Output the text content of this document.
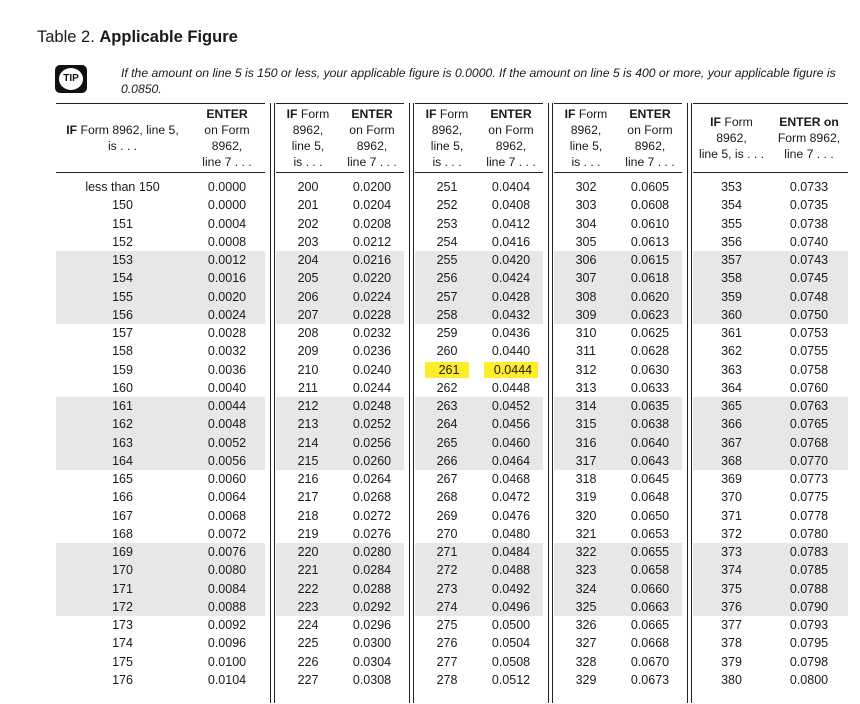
Table 2. Applicable Figure
TIP	If the amount on line 5 is 150 or less, your applicable figure is 0.0000. If the amount on line 5 is 400 or more, your applicable figure is 0.0850.
IF Form 8962, line 5,
is . . .
ENTER
on Form
8962,
line 7 . . .
less than 150	0.0000
150	0.0000
151	0.0004
152	0.0008
153	0.0012
154	0.0016
155	0.0020
156	0.0024
157	0.0028
158	0.0032
159	0.0036
160	0.0040
161	0.0044
162	0.0048
163	0.0052
164	0.0056
165	0.0060
166	0.0064
167	0.0068
168	0.0072
169	0.0076
170	0.0080
171	0.0084
172	0.0088
173	0.0092
174	0.0096
175	0.0100
176	0.0104
IF Form
8962,
line 5,
is . . .
ENTER
on Form
8962,
line 7 . . .
200	0.0200
201	0.0204
202	0.0208
203	0.0212
204	0.0216
205	0.0220
206	0.0224
207	0.0228
208	0.0232
209	0.0236
210	0.0240
211	0.0244
212	0.0248
213	0.0252
214	0.0256
215	0.0260
216	0.0264
217	0.0268
218	0.0272
219	0.0276
220	0.0280
221	0.0284
222	0.0288
223	0.0292
224	0.0296
225	0.0300
226	0.0304
227	0.0308
IF Form
8962,
line 5,
is . . .
ENTER
on Form
8962,
line 7 . . .
251	0.0404
252	0.0408
253	0.0412
254	0.0416
255	0.0420
256	0.0424
257	0.0428
258	0.0432
259	0.0436
260	0.0440
261	0.0444
262	0.0448
263	0.0452
264	0.0456
265	0.0460
266	0.0464
267	0.0468
268	0.0472
269	0.0476
270	0.0480
271	0.0484
272	0.0488
273	0.0492
274	0.0496
275	0.0500
276	0.0504
277	0.0508
278	0.0512
IF Form
8962,
line 5,
is . . .
ENTER
on Form
8962,
line 7 . . .
302	0.0605
303	0.0608
304	0.0610
305	0.0613
306	0.0615
307	0.0618
308	0.0620
309	0.0623
310	0.0625
311	0.0628
312	0.0630
313	0.0633
314	0.0635
315	0.0638
316	0.0640
317	0.0643
318	0.0645
319	0.0648
320	0.0650
321	0.0653
322	0.0655
323	0.0658
324	0.0660
325	0.0663
326	0.0665
327	0.0668
328	0.0670
329	0.0673
IF Form
8962,
line 5, is . . .
ENTER on
Form 8962,
line 7 . . .
353	0.0733
354	0.0735
355	0.0738
356	0.0740
357	0.0743
358	0.0745
359	0.0748
360	0.0750
361	0.0753
362	0.0755
363	0.0758
364	0.0760
365	0.0763
366	0.0765
367	0.0768
368	0.0770
369	0.0773
370	0.0775
371	0.0778
372	0.0780
373	0.0783
374	0.0785
375	0.0788
376	0.0790
377	0.0793
378	0.0795
379	0.0798
380	0.0800
